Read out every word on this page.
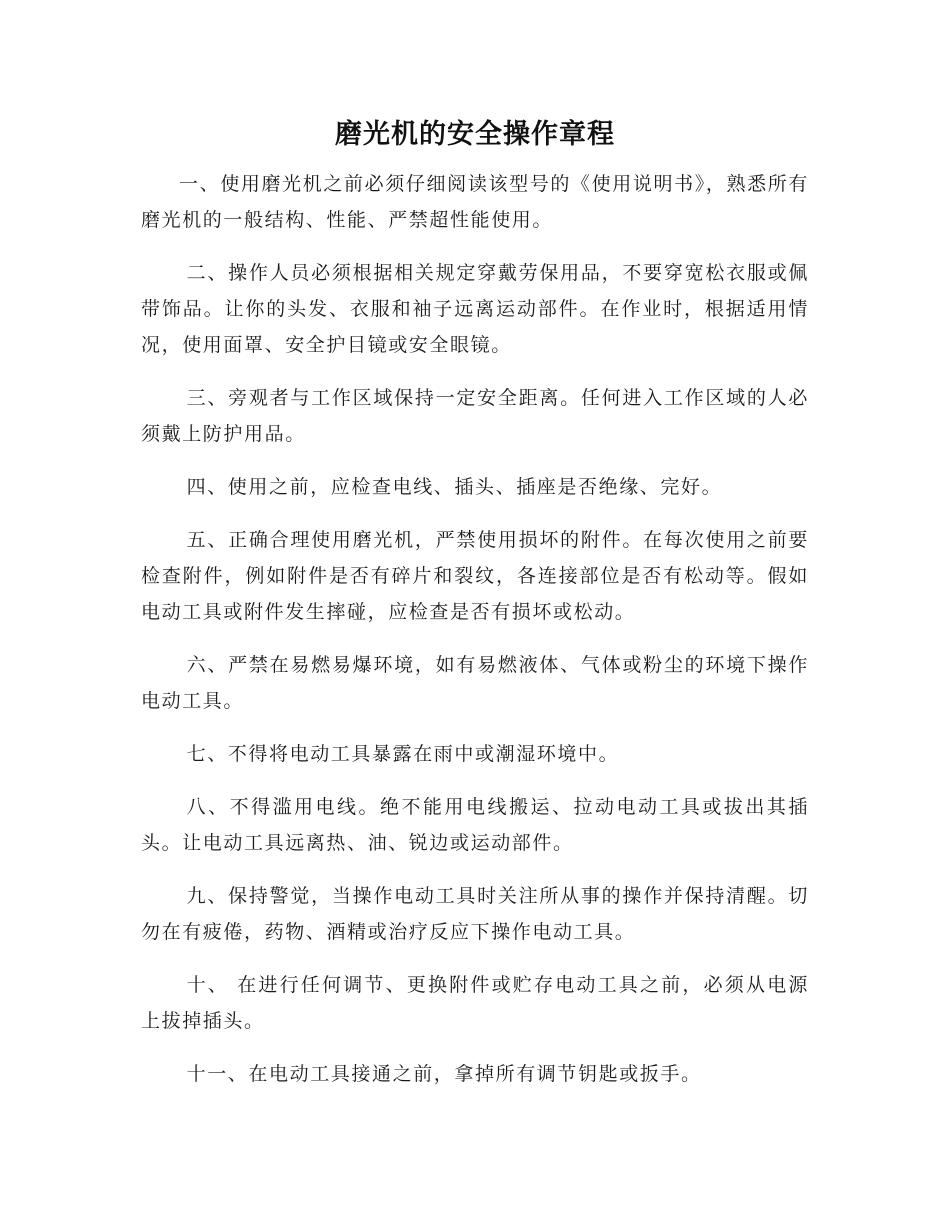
磨光机的安全操作章程

一、使用磨光机之前必须仔细阅读该型号的《使用说明书》，熟悉所有磨光机的一般结构、性能、严禁超性能使用。

二、操作人员必须根据相关规定穿戴劳保用品，不要穿宽松衣服或佩带饰品。让你的头发、衣服和袖子远离运动部件。在作业时，根据适用情况，使用面罩、安全护目镜或安全眼镜。

三、旁观者与工作区域保持一定安全距离。任何进入工作区域的人必须戴上防护用品。

四、使用之前，应检查电线、插头、插座是否绝缘、完好。

五、正确合理使用磨光机，严禁使用损坏的附件。在每次使用之前要检查附件，例如附件是否有碎片和裂纹，各连接部位是否有松动等。假如电动工具或附件发生摔碰，应检查是否有损坏或松动。

六、严禁在易燃易爆环境，如有易燃液体、气体或粉尘的环境下操作电动工具。

七、不得将电动工具暴露在雨中或潮湿环境中。

八、不得滥用电线。绝不能用电线搬运、拉动电动工具或拔出其插头。让电动工具远离热、油、锐边或运动部件。

九、保持警觉，当操作电动工具时关注所从事的操作并保持清醒。切勿在有疲倦，药物、酒精或治疗反应下操作电动工具。

十、 在进行任何调节、更换附件或贮存电动工具之前，必须从电源上拔掉插头。

十一、在电动工具接通之前，拿掉所有调节钥匙或扳手。
